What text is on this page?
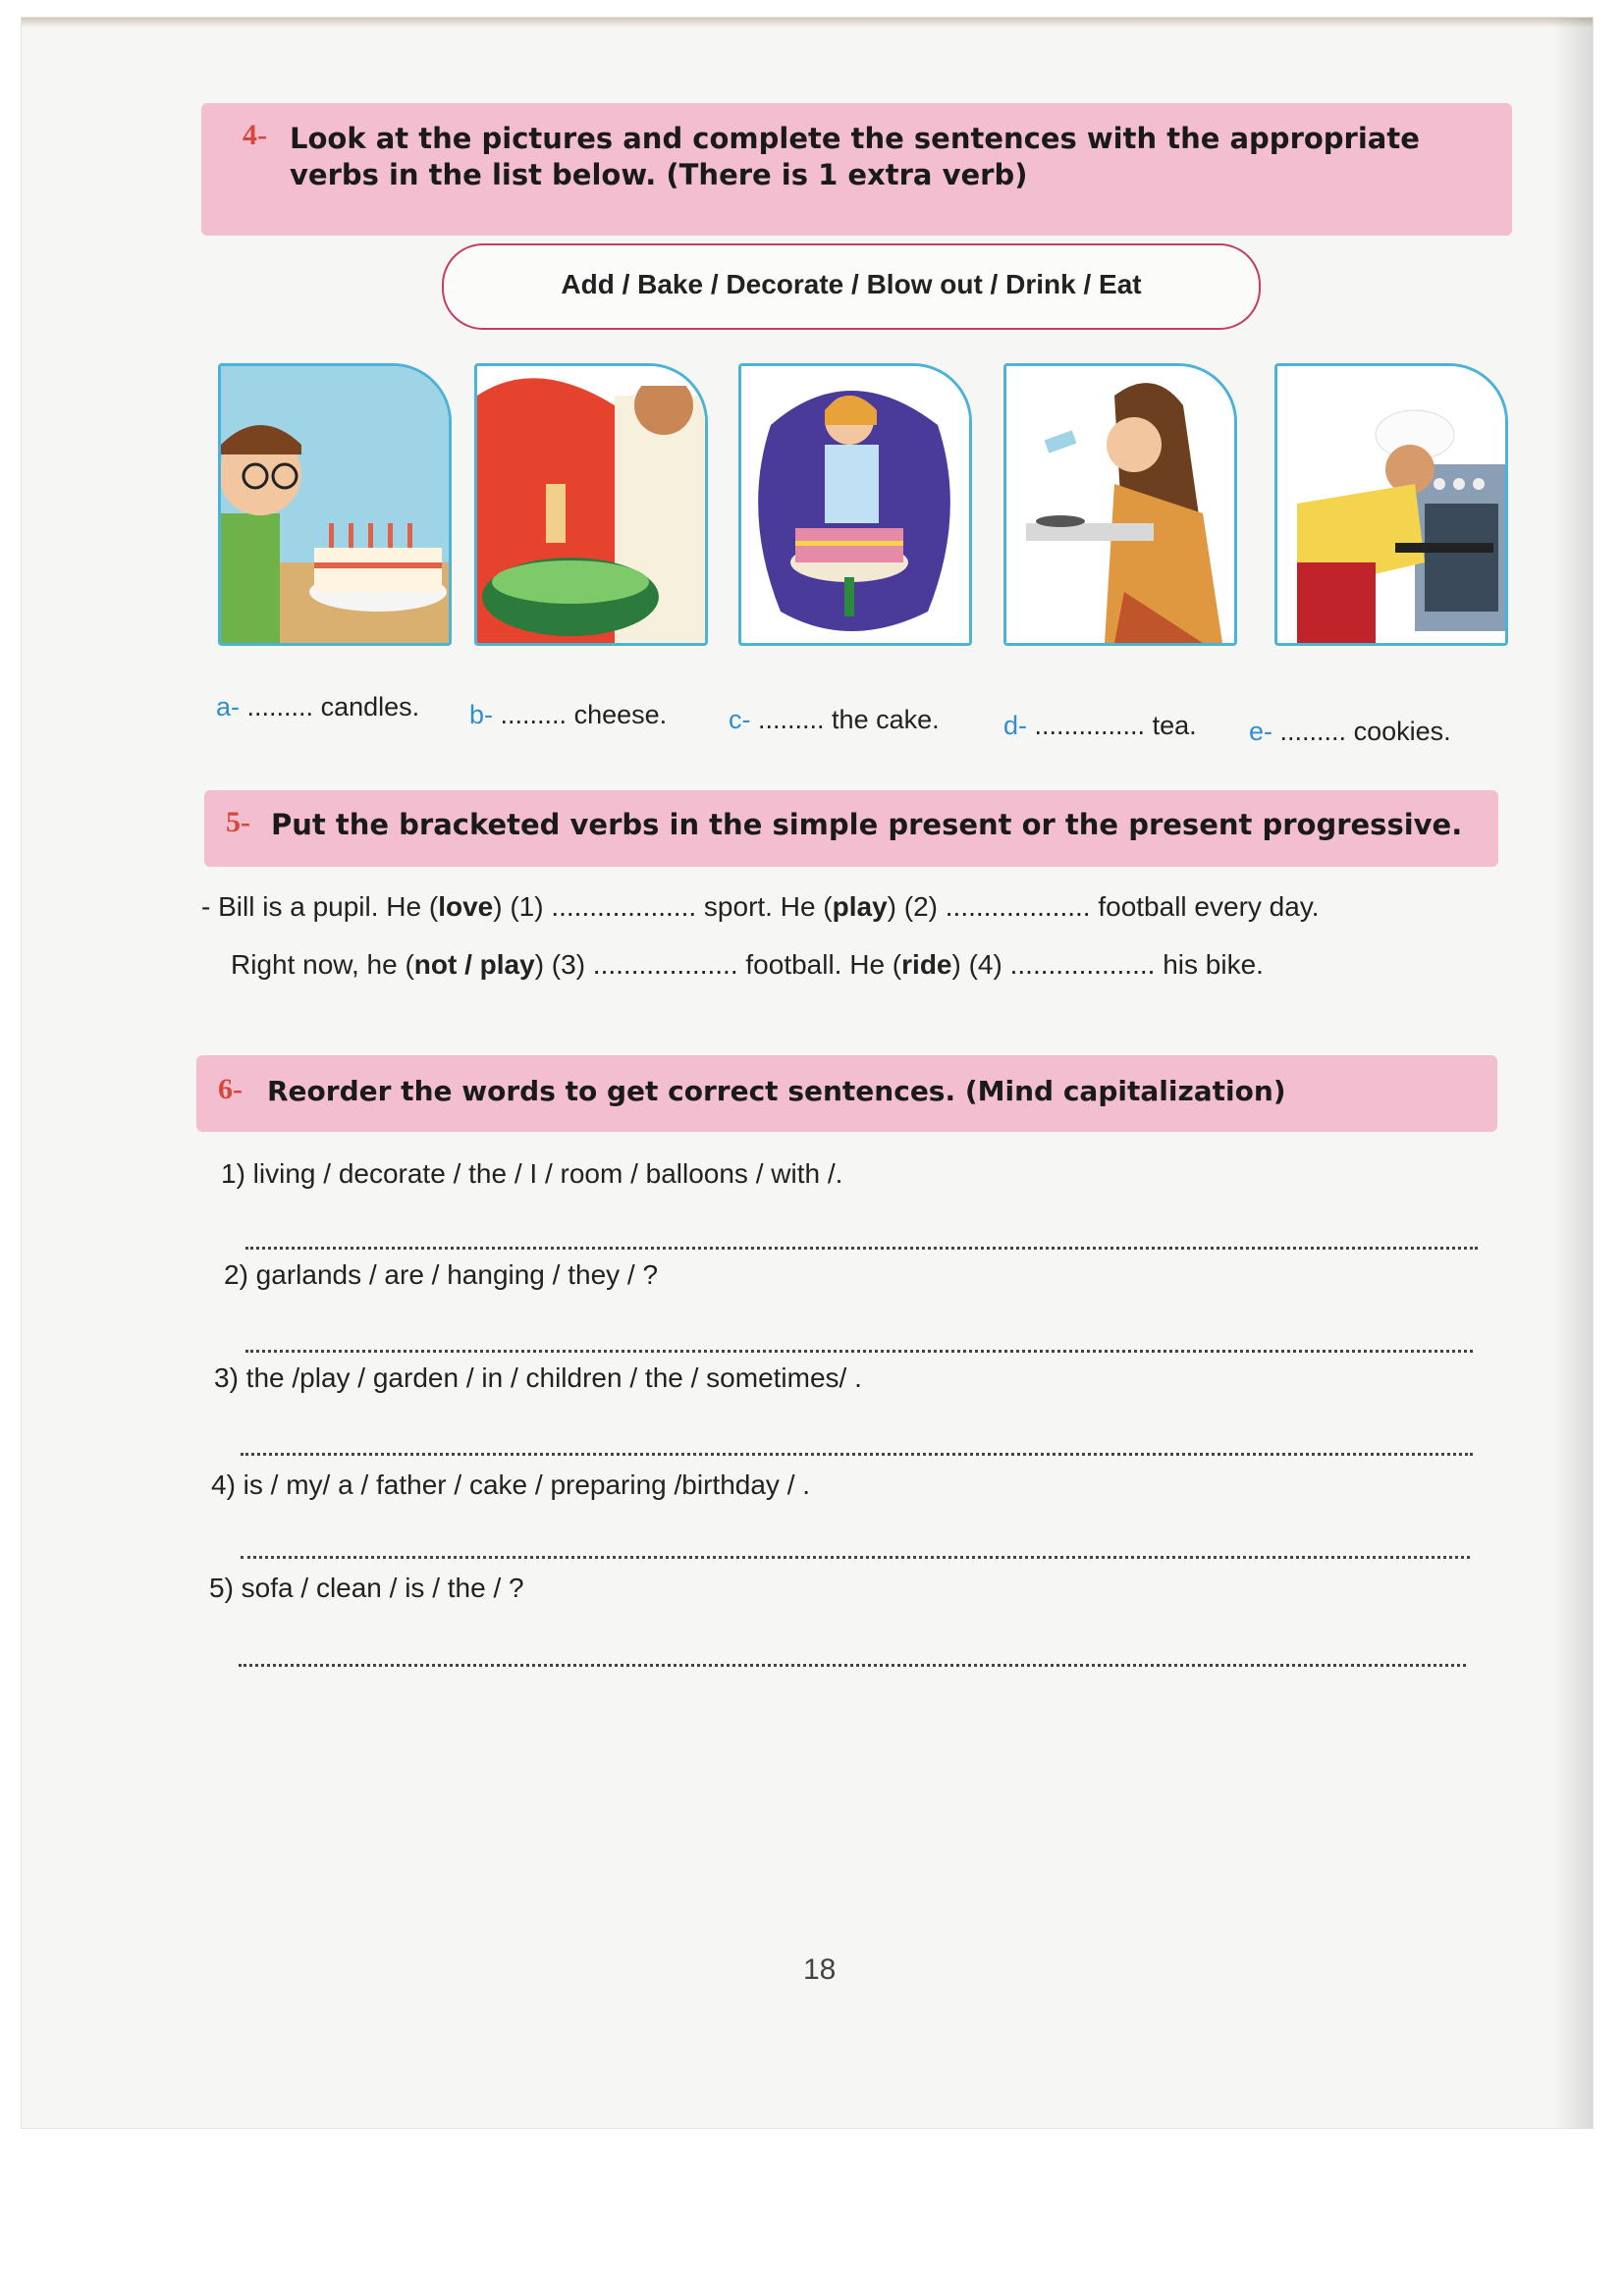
4- Look at the pictures and complete the sentences with the appropriate verbs in the list below. (There is 1 extra verb)
Add / Bake / Decorate / Blow out / Drink / Eat
a- ......... candles. b- ......... cheese. c- ......... the cake. d- ............... tea. e- ......... cookies.
5- Put the bracketed verbs in the simple present or the present progressive.
- Bill is a pupil. He (love) (1) ................... sport. He (play) (2) ................... football every day.
Right now, he (not / play) (3) ................... football. He (ride) (4) ................... his bike.
6- Reorder the words to get correct sentences. (Mind capitalization)
1) living / decorate / the / I / room / balloons / with /.
2) garlands / are / hanging / they / ?
3) the /play / garden / in / children / the / sometimes/ .
4) is / my/ a / father / cake / preparing /birthday / .
5) sofa / clean / is / the / ?
18
